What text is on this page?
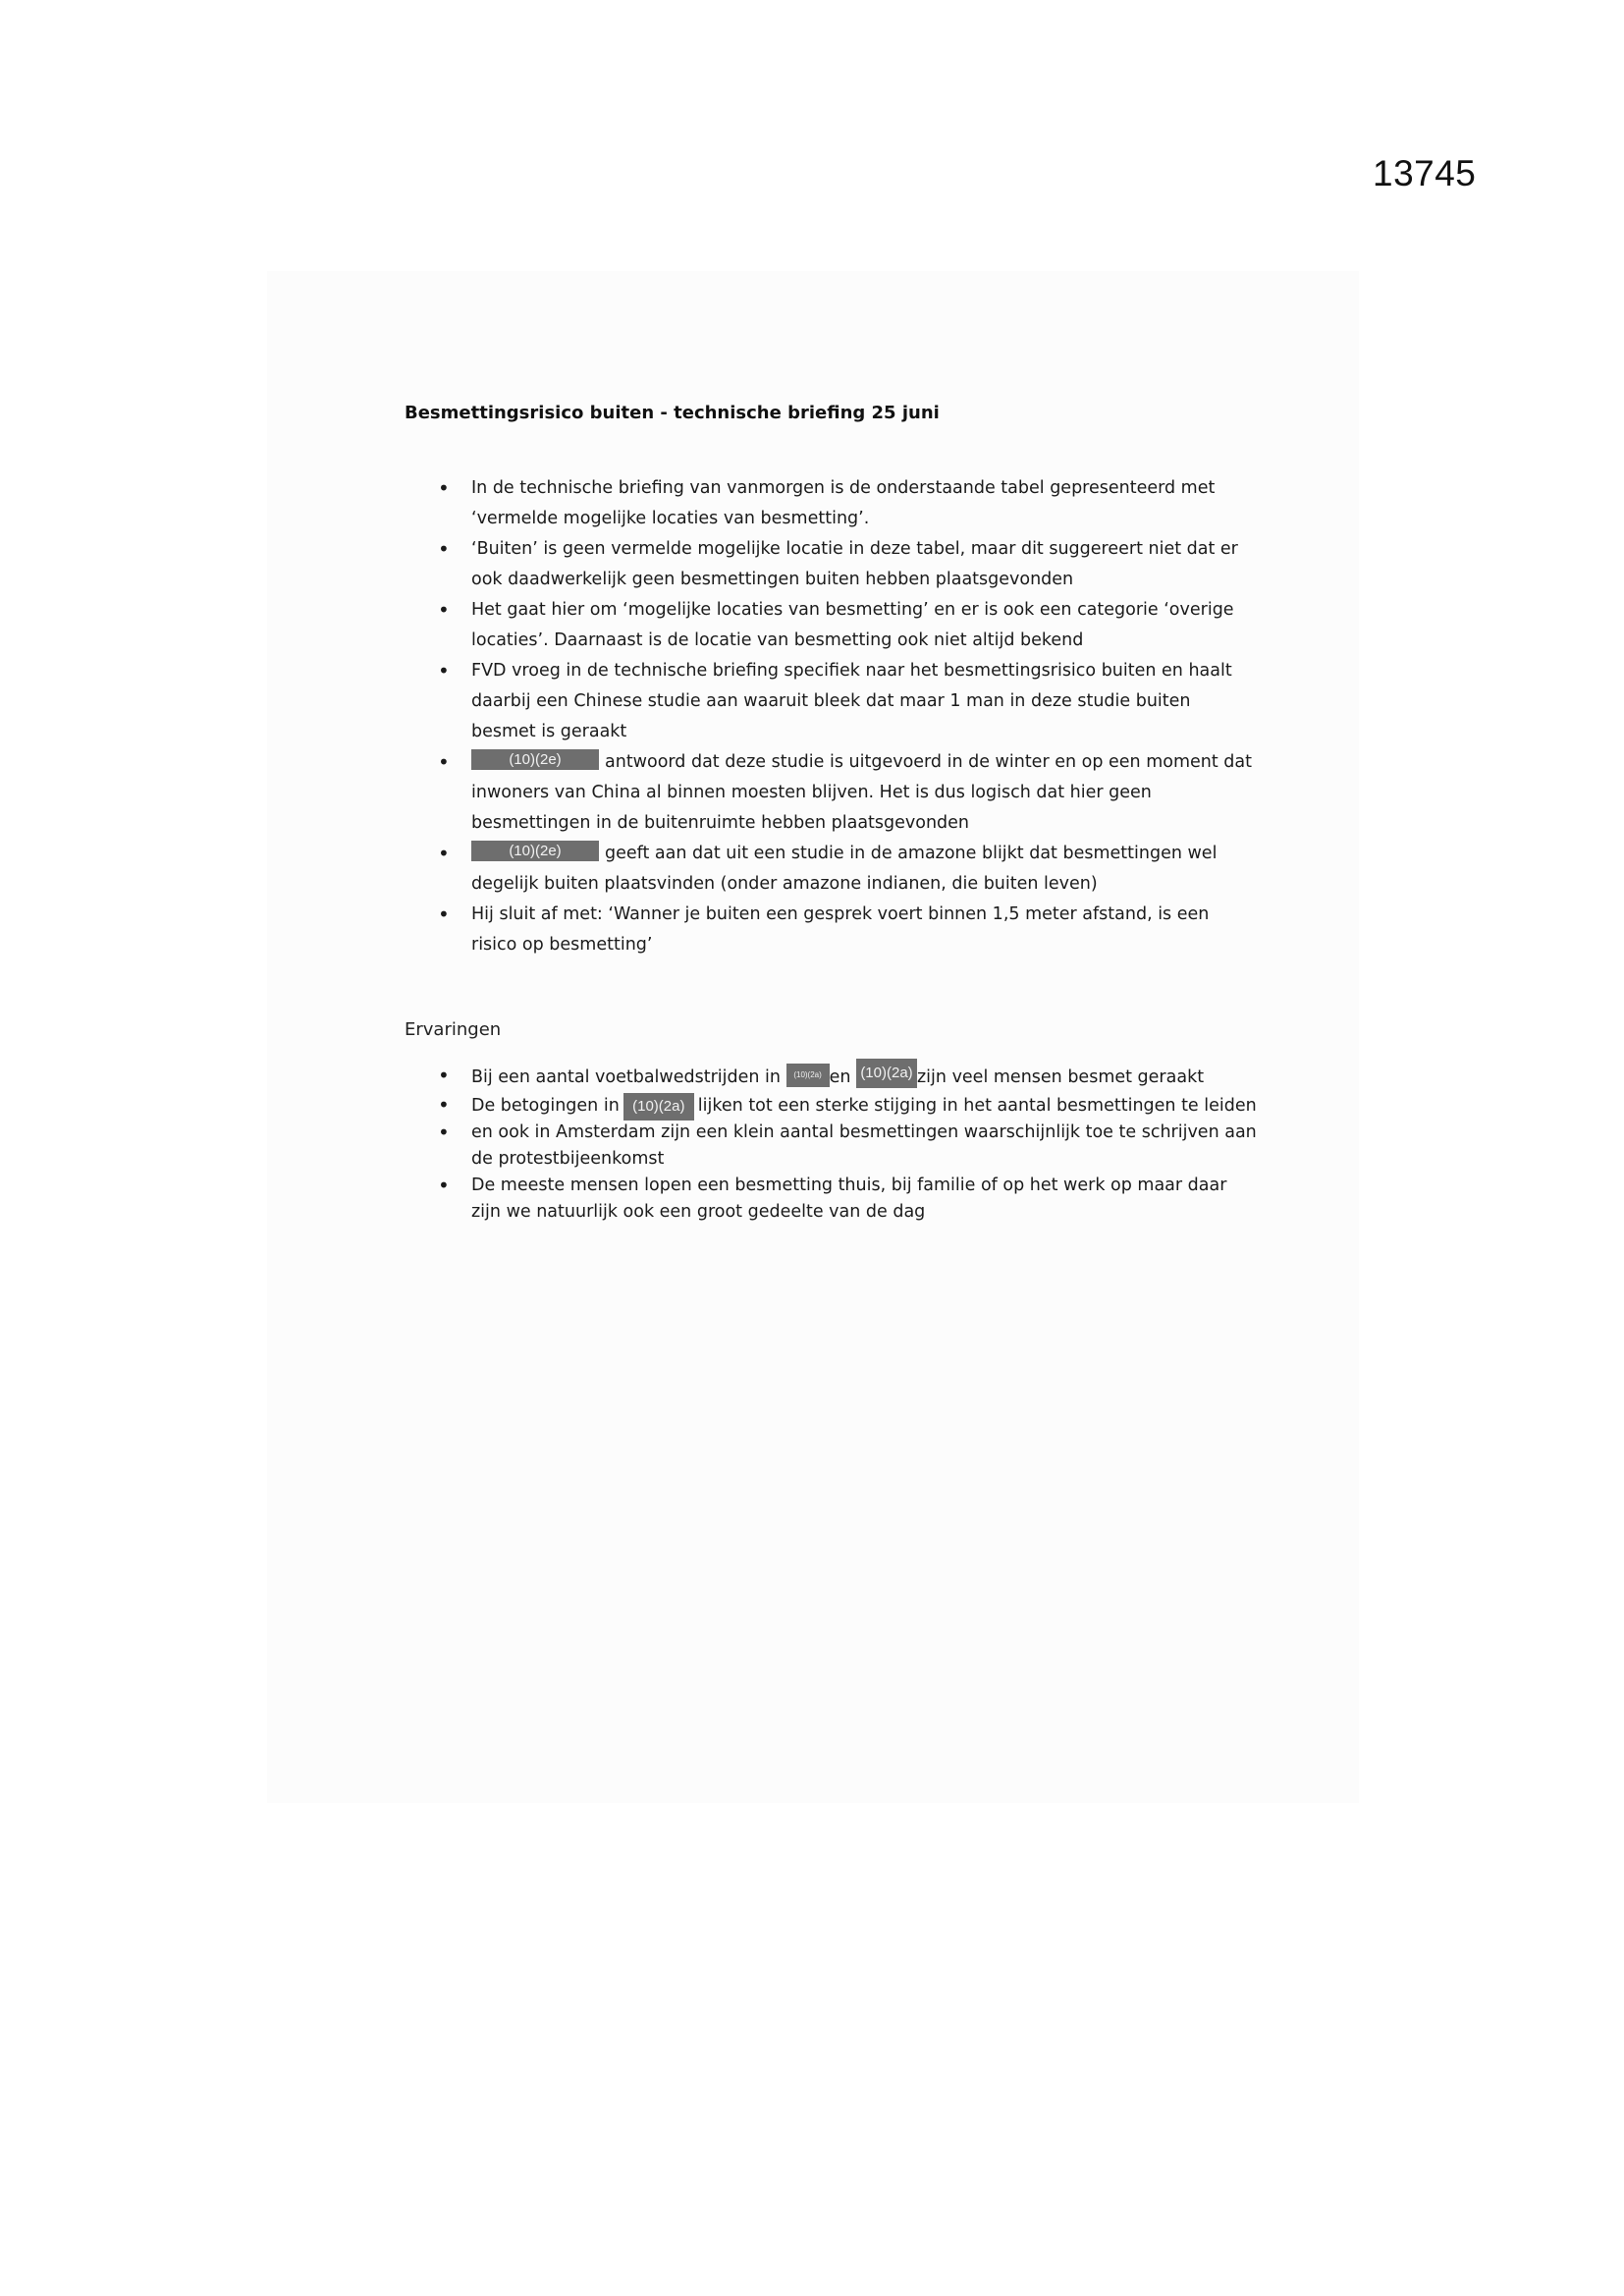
13745
Besmettingsrisico buiten - technische briefing 25 juni
• In de technische briefing van vanmorgen is de onderstaande tabel gepresenteerd met ‘vermelde mogelijke locaties van besmetting’.
• ‘Buiten’ is geen vermelde mogelijke locatie in deze tabel, maar dit suggereert niet dat er ook daadwerkelijk geen besmettingen buiten hebben plaatsgevonden
• Het gaat hier om ‘mogelijke locaties van besmetting’ en er is ook een categorie ‘overige locaties’. Daarnaast is de locatie van besmetting ook niet altijd bekend
• FVD vroeg in de technische briefing specifiek naar het besmettingsrisico buiten en haalt daarbij een Chinese studie aan waaruit bleek dat maar 1 man in deze studie buiten besmet is geraakt
• (10)(2e)	antwoord dat deze studie is uitgevoerd in de winter en op een moment dat inwoners van China al binnen moesten blijven. Het is dus logisch dat hier geen besmettingen in de buitenruimte hebben plaatsgevonden
• (10)(2e)	geeft aan dat uit een studie in de amazone blijkt dat besmettingen wel degelijk buiten plaatsvinden (onder amazone indianen, die buiten leven)
• Hij sluit af met: ‘Wanner je buiten een gesprek voert binnen 1,5 meter afstand, is een risico op besmetting’
Ervaringen
• Bij een aantal voetbalwedstrijden in (10)(2a) en (10)(2a) zijn veel mensen besmet geraakt
• De betogingen in (10)(2a) lijken tot een sterke stijging in het aantal besmettingen te leiden
• en ook in Amsterdam zijn een klein aantal besmettingen waarschijnlijk toe te schrijven aan de protestbijeenkomst
• De meeste mensen lopen een besmetting thuis, bij familie of op het werk op maar daar zijn we natuurlijk ook een groot gedeelte van de dag
